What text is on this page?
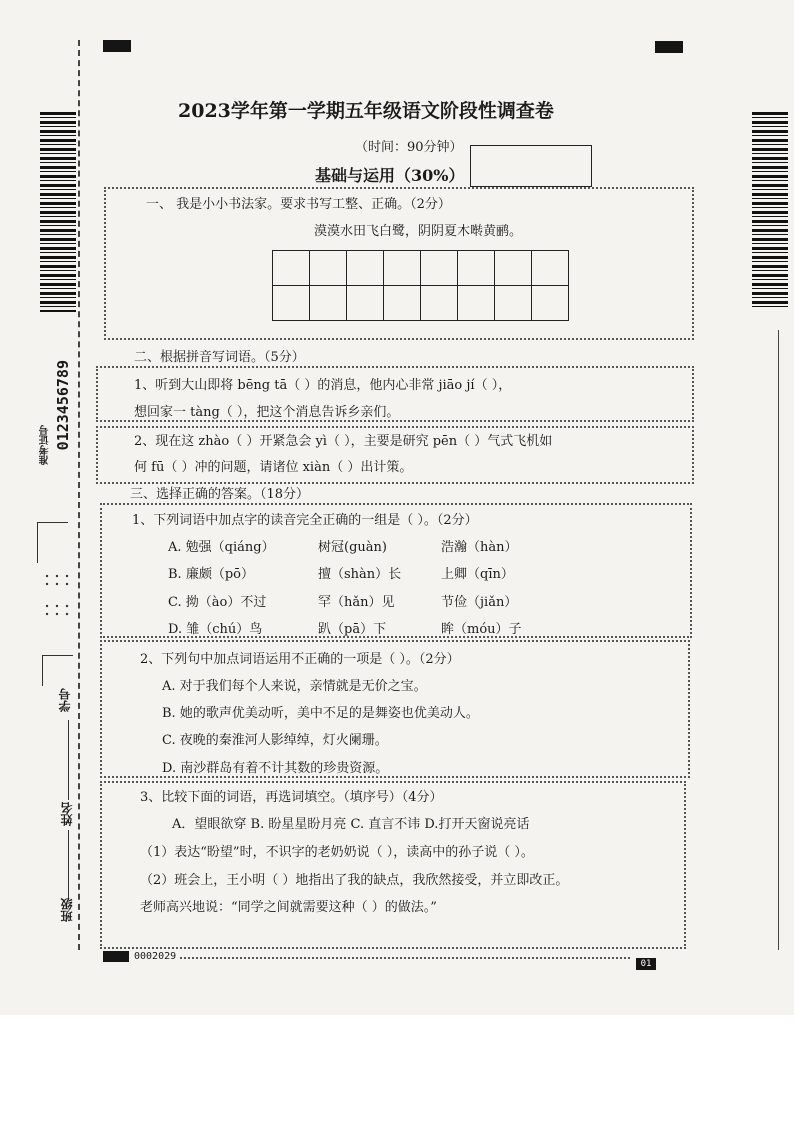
准考证号 0123456789
学号
姓名
班级
2023学年第一学期五年级语文阶段性调查卷
（时间：90分钟）
基础与运用（30%）
一、 我是小小书法家。要求书写工整、正确。（2分）
漠漠水田飞白鹭，阴阴夏木啭黄鹂。

二、根据拼音写词语。（5分）
1、听到大山即将 bēng tā（ ）的消息，他内心非常 jiāo jí（ ），
想回家一 tàng（ ），把这个消息告诉乡亲们。
2、现在这 zhào（ ）开紧急会 yì（ ），主要是研究 pēn（ ）气式飞机如
何 fū（ ）冲的问题，请诸位 xiàn（ ）出计策。
三、选择正确的答案。（18分）
1、下列词语中加点字的读音完全正确的一组是（ ）。（2分）
A. 勉强（qiáng）	树冠(guàn)	浩瀚（hàn）
B. 廉颇（pō）	擅（shàn）长	上卿（qīn）
C. 拗（ào）不过	罕（hǎn）见	节俭（jiǎn）
D. 雏（chú）鸟	趴（pā）下	眸（móu）子
2、下列句中加点词语运用不正确的一项是（ ）。（2分）
A. 对于我们每个人来说，亲情就是无价之宝。
B. 她的歌声优美动听，美中不足的是舞姿也优美动人。
C. 夜晚的秦淮河人影绰绰，灯火阑珊。
D. 南沙群岛有着不计其数的珍贵资源。
3、比较下面的词语，再选词填空。（填序号）（4分）
A．望眼欲穿 B. 盼星星盼月亮 C. 直言不讳 D.打开天窗说亮话
（1）表达“盼望”时，不识字的老奶奶说（ ），读高中的孙子说（ ）。
（2）班会上，王小明（ ）地指出了我的缺点，我欣然接受，并立即改正。
老师高兴地说：“同学之间就需要这种（ ）的做法。”
0002029
01
